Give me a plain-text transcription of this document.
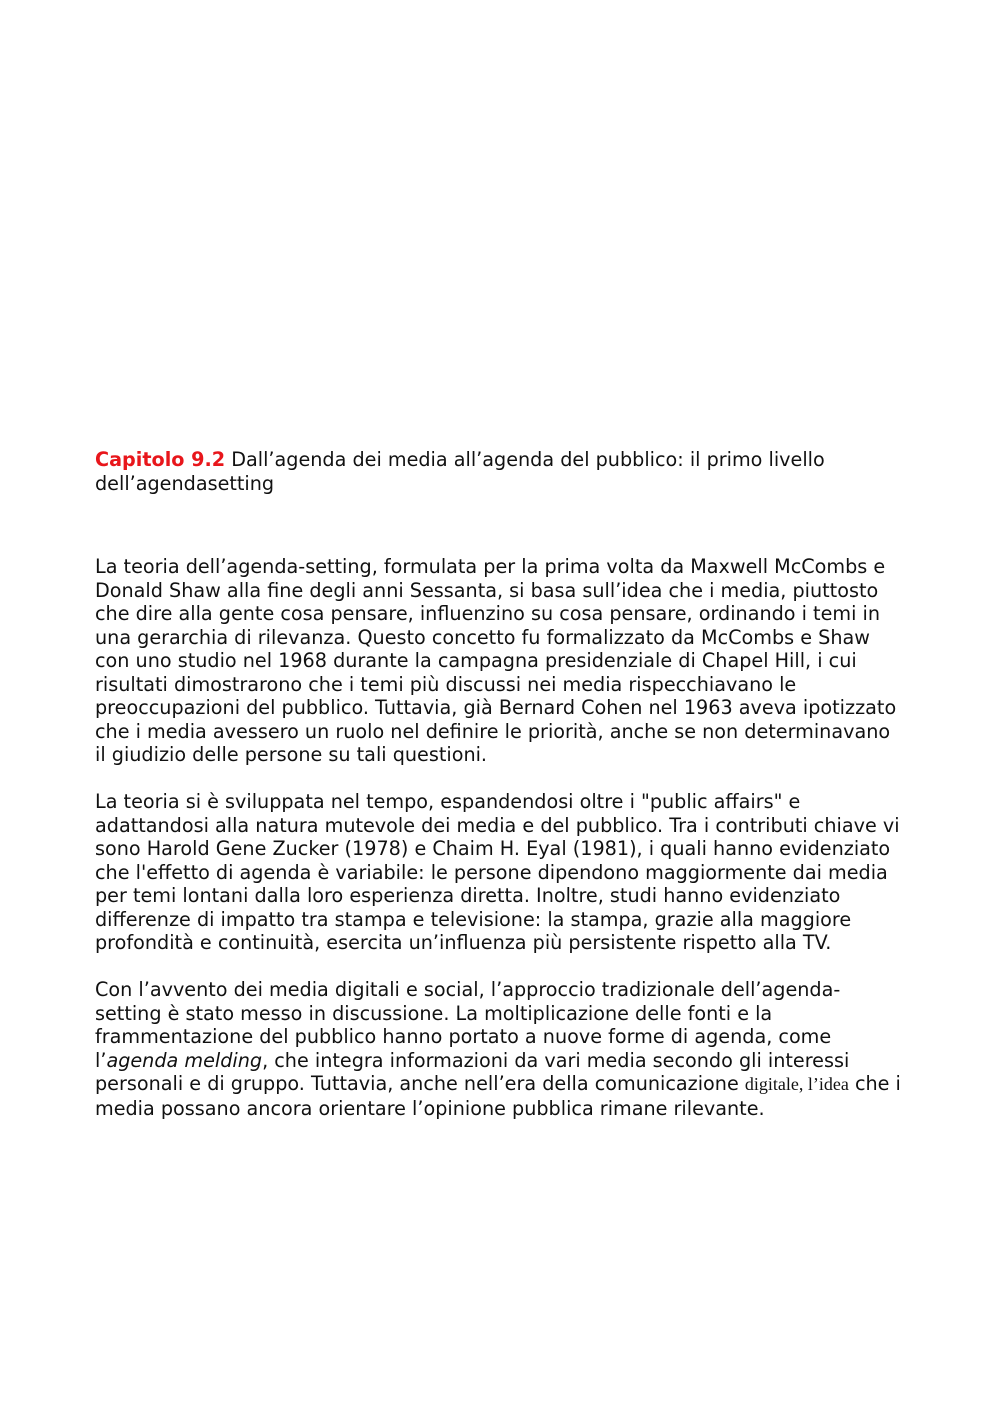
Capitolo 9.2 Dall’agenda dei media all’agenda del pubblico: il primo livello dell’agendasetting

La teoria dell’agenda-setting, formulata per la prima volta da Maxwell McCombs e Donald Shaw alla fine degli anni Sessanta, si basa sull’idea che i media, piuttosto che dire alla gente cosa pensare, influenzino su cosa pensare, ordinando i temi in una gerarchia di rilevanza. Questo concetto fu formalizzato da McCombs e Shaw con uno studio nel 1968 durante la campagna presidenziale di Chapel Hill, i cui risultati dimostrarono che i temi più discussi nei media rispecchiavano le preoccupazioni del pubblico. Tuttavia, già Bernard Cohen nel 1963 aveva ipotizzato che i media avessero un ruolo nel definire le priorità, anche se non determinavano il giudizio delle persone su tali questioni.

La teoria si è sviluppata nel tempo, espandendosi oltre i "public affairs" e adattandosi alla natura mutevole dei media e del pubblico. Tra i contributi chiave vi sono Harold Gene Zucker (1978) e Chaim H. Eyal (1981), i quali hanno evidenziato che l'effetto di agenda è variabile: le persone dipendono maggiormente dai media per temi lontani dalla loro esperienza diretta. Inoltre, studi hanno evidenziato differenze di impatto tra stampa e televisione: la stampa, grazie alla maggiore profondità e continuità, esercita un’influenza più persistente rispetto alla TV.

Con l’avvento dei media digitali e social, l’approccio tradizionale dell’agenda-setting è stato messo in discussione. La moltiplicazione delle fonti e la frammentazione del pubblico hanno portato a nuove forme di agenda, come l’agenda melding, che integra informazioni da vari media secondo gli interessi personali e di gruppo. Tuttavia, anche nell’era della comunicazione digitale, l’idea che i media possano ancora orientare l’opinione pubblica rimane rilevante.
